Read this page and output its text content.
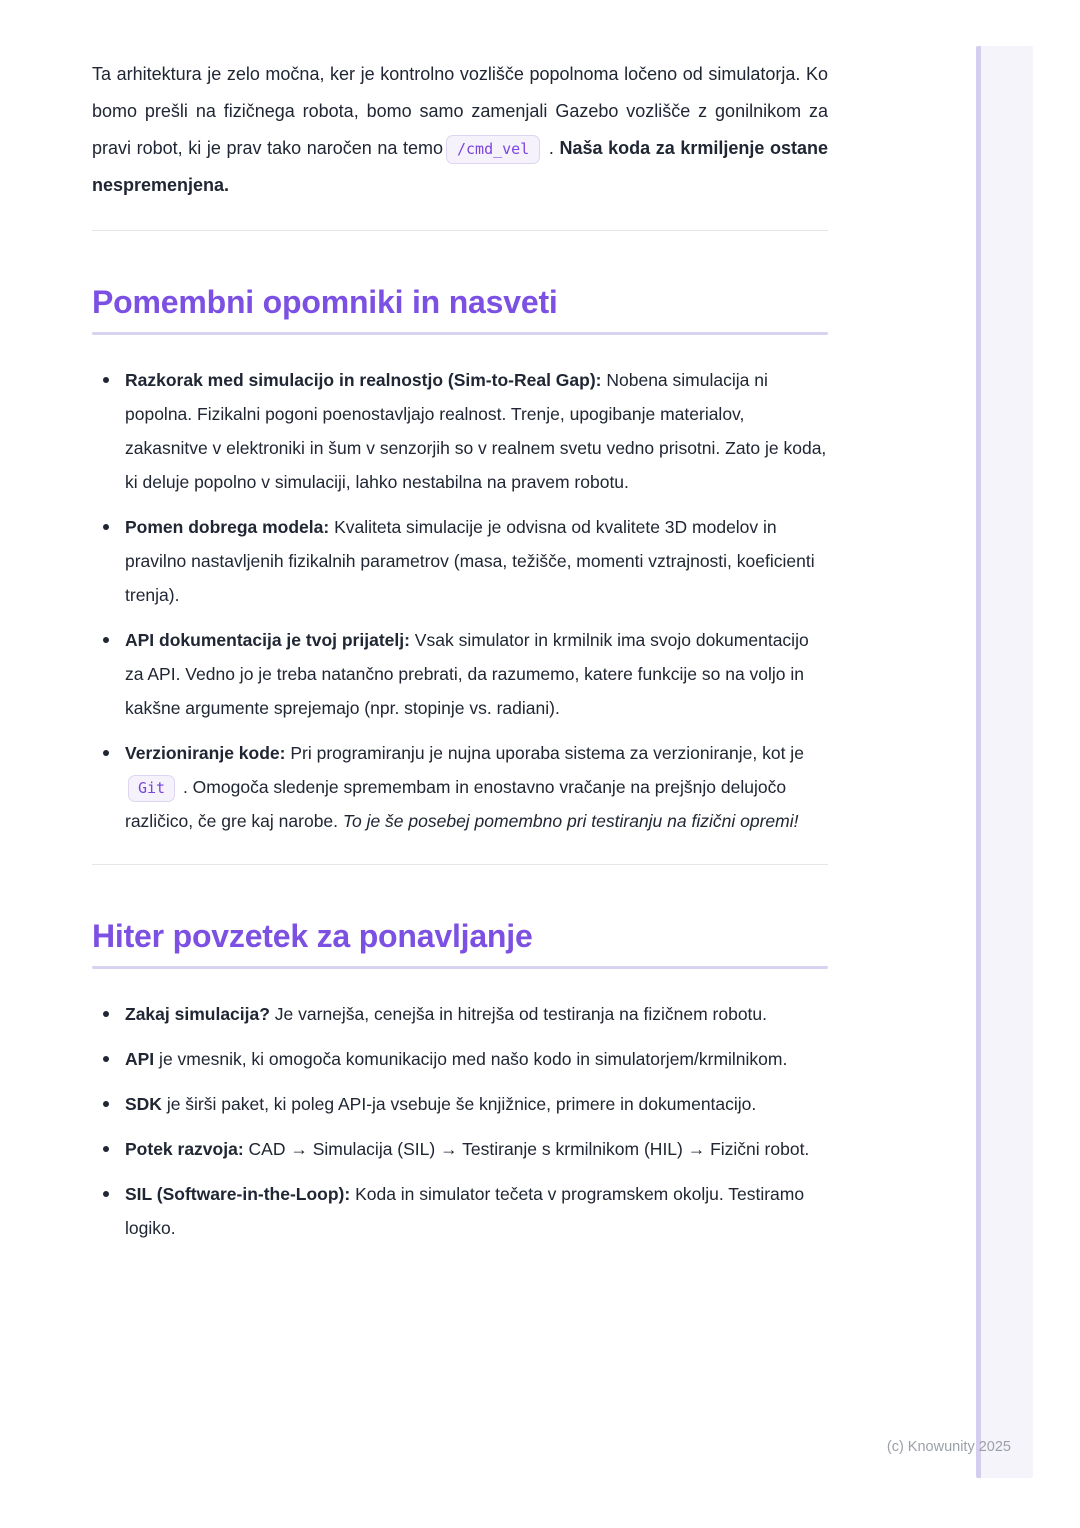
Ta arhitektura je zelo močna, ker je kontrolno vozlišče popolnoma ločeno od simulatorja. Ko bomo prešli na fizičnega robota, bomo samo zamenjali Gazebo vozlišče z gonilnikom za pravi robot, ki je prav tako naročen na temo /cmd_vel . Naša koda za krmiljenje ostane nespremenjena.

Pomembni opomniki in nasveti
Razkorak med simulacijo in realnostjo (Sim-to-Real Gap): Nobena simulacija ni popolna. Fizikalni pogoni poenostavljajo realnost. Trenje, upogibanje materialov, zakasnitve v elektroniki in šum v senzorjih so v realnem svetu vedno prisotni. Zato je koda, ki deluje popolno v simulaciji, lahko nestabilna na pravem robotu.
Pomen dobrega modela: Kvaliteta simulacije je odvisna od kvalitete 3D modelov in pravilno nastavljenih fizikalnih parametrov (masa, težišče, momenti vztrajnosti, koeficienti trenja).
API dokumentacija je tvoj prijatelj: Vsak simulator in krmilnik ima svojo dokumentacijo za API. Vedno jo je treba natančno prebrati, da razumemo, katere funkcije so na voljo in kakšne argumente sprejemajo (npr. stopinje vs. radiani).
Verzioniranje kode: Pri programiranju je nujna uporaba sistema za verzioniranje, kot je Git . Omogoča sledenje spremembam in enostavno vračanje na prejšnjo delujočo različico, če gre kaj narobe. To je še posebej pomembno pri testiranju na fizični opremi!
Hiter povzetek za ponavljanje
Zakaj simulacija? Je varnejša, cenejša in hitrejša od testiranja na fizičnem robotu.
API je vmesnik, ki omogoča komunikacijo med našo kodo in simulatorjem/krmilnikom.
SDK je širši paket, ki poleg API-ja vsebuje še knjižnice, primere in dokumentacijo.
Potek razvoja: CAD → Simulacija (SIL) → Testiranje s krmilnikom (HIL) → Fizični robot.
SIL (Software-in-the-Loop): Koda in simulator tečeta v programskem okolju. Testiramo logiko.
(c) Knowunity 2025
